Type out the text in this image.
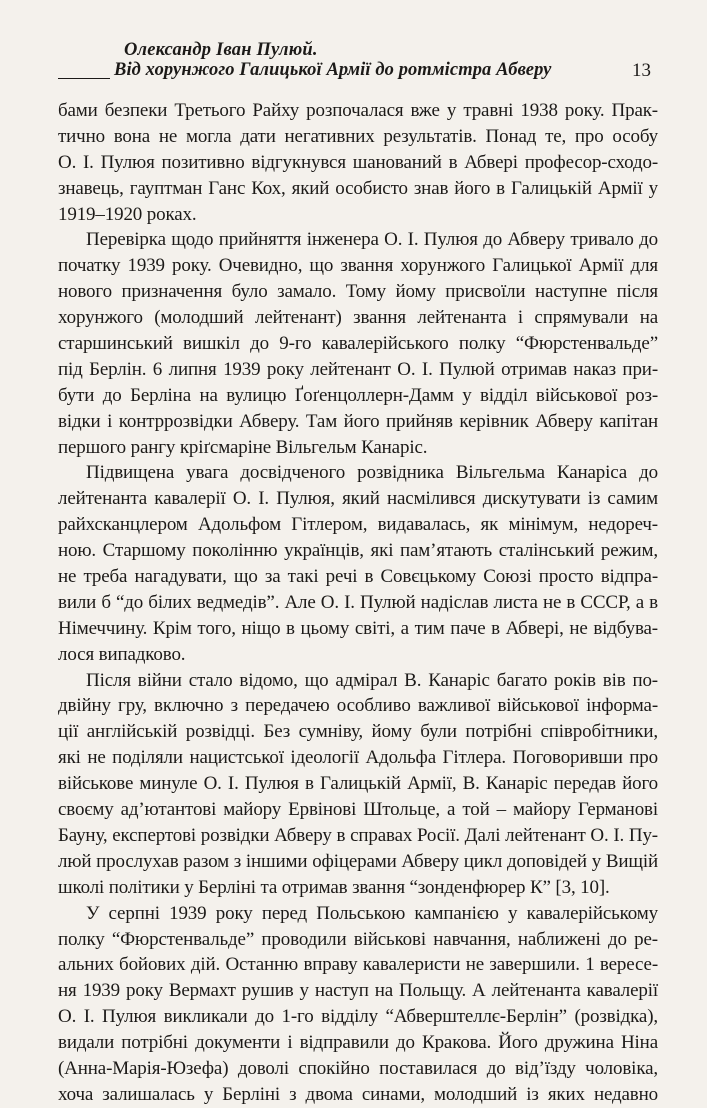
Олександр Іван Пулюй.
Від хорунжого Галицької Армії до ротмістра Абверу	13
бами безпеки Третього Райху розпочалася вже у травні 1938 року. Прак-
тично вона не могла дати негативних результатів. Понад те, про особу
О. І. Пулюя позитивно відгукнувся шанований в Абвері професор-сходо-
знавець, гауптман Ганс Кох, який особисто знав його в Галицькій Армії у
1919–1920 роках.
Перевірка щодо прийняття інженера О. І. Пулюя до Абверу тривало до
початку 1939 року. Очевидно, що звання хорунжого Галицької Армії для
нового призначення було замало. Тому йому присвоїли наступне після
хорунжого (молодший лейтенант) звання лейтенанта і спрямували на
старшинський вишкіл до 9-го кавалерійського полку “Фюрстенвальде”
під Берлін. 6 липня 1939 року лейтенант О. І. Пулюй отримав наказ при-
бути до Берліна на вулицю Ґоґенцоллерн-Дамм у відділ військової роз-
відки і контррозвідки Абверу. Там його прийняв керівник Абверу капітан
першого рангу кріґсмаріне Вільгельм Канаріс.
Підвищена увага досвідченого розвідника Вільгельма Канаріса до
лейтенанта кавалерії О. І. Пулюя, який насмілився дискутувати із самим
райхсканцлером Адольфом Гітлером, видавалась, як мінімум, недореч-
ною. Старшому поколінню українців, які пам’ятають сталінський режим,
не треба нагадувати, що за такі речі в Совєцькому Союзі просто відпра-
вили б “до білих ведмедів”. Але О. І. Пулюй надіслав листа не в СССР, а в
Німеччину. Крім того, ніщо в цьому світі, а тим паче в Абвері, не відбува-
лося випадково.
Після війни стало відомо, що адмірал В. Канаріс багато років вів по-
двійну гру, включно з передачею особливо важливої військової інформа-
ції англійській розвідці. Без сумніву, йому були потрібні співробітники,
які не поділяли нацистської ідеології Адольфа Гітлера. Поговоривши про
військове минуле О. І. Пулюя в Галицькій Армії, В. Канаріс передав його
своєму ад’ютантові майору Ервінові Штольце, а той – майору Германові
Бауну, експертові розвідки Абверу в справах Росії. Далі лейтенант О. І. Пу-
люй прослухав разом з іншими офіцерами Абверу цикл доповідей у Вищій
школі політики у Берліні та отримав звання “зонденфюрер К” [3, 10].
У серпні 1939 року перед Польською кампанією у кавалерійському
полку “Фюрстенвальде” проводили військові навчання, наближені до ре-
альних бойових дій. Останню вправу кавалеристи не завершили. 1 вересе-
ня 1939 року Вермахт рушив у наступ на Польщу. А лейтенанта кавалерії
О. І. Пулюя викликали до 1-го відділу “Абверштеллє-Берлін” (розвідка),
видали потрібні документи і відправили до Кракова. Його дружина Ніна
(Анна-Марія-Юзефа) доволі спокійно поставилася до від’їзду чоловіка,
хоча залишалась у Берліні з двома синами, молодший із яких недавно
